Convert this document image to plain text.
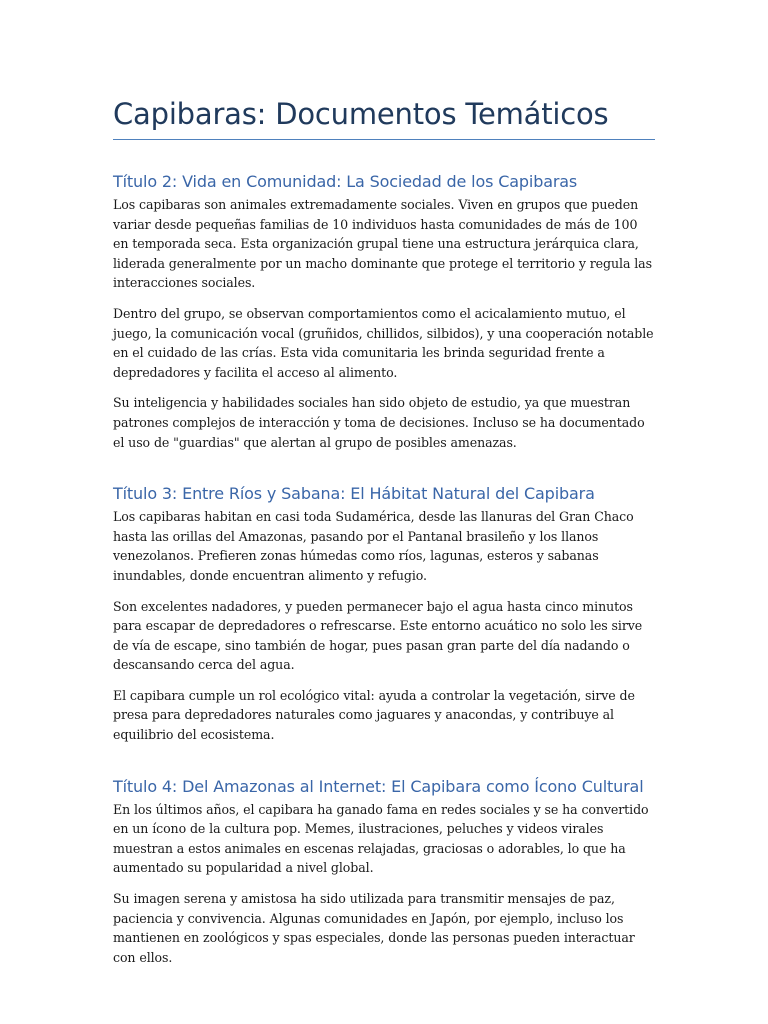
Capibaras: Documentos Temáticos
Título 2: Vida en Comunidad: La Sociedad de los Capibaras

Los capibaras son animales extremadamente sociales. Viven en grupos que pueden variar desde pequeñas familias de 10 individuos hasta comunidades de más de 100 en temporada seca. Esta organización grupal tiene una estructura jerárquica clara, liderada generalmente por un macho dominante que protege el territorio y regula las interacciones sociales.

Dentro del grupo, se observan comportamientos como el acicalamiento mutuo, el juego, la comunicación vocal (gruñidos, chillidos, silbidos), y una cooperación notable en el cuidado de las crías. Esta vida comunitaria les brinda seguridad frente a depredadores y facilita el acceso al alimento.

Su inteligencia y habilidades sociales han sido objeto de estudio, ya que muestran patrones complejos de interacción y toma de decisiones. Incluso se ha documentado el uso de "guardias" que alertan al grupo de posibles amenazas.

Título 3: Entre Ríos y Sabana: El Hábitat Natural del Capibara

Los capibaras habitan en casi toda Sudamérica, desde las llanuras del Gran Chaco hasta las orillas del Amazonas, pasando por el Pantanal brasileño y los llanos venezolanos. Prefieren zonas húmedas como ríos, lagunas, esteros y sabanas inundables, donde encuentran alimento y refugio.

Son excelentes nadadores, y pueden permanecer bajo el agua hasta cinco minutos para escapar de depredadores o refrescarse. Este entorno acuático no solo les sirve de vía de escape, sino también de hogar, pues pasan gran parte del día nadando o descansando cerca del agua.

El capibara cumple un rol ecológico vital: ayuda a controlar la vegetación, sirve de presa para depredadores naturales como jaguares y anacondas, y contribuye al equilibrio del ecosistema.

Título 4: Del Amazonas al Internet: El Capibara como Ícono Cultural

En los últimos años, el capibara ha ganado fama en redes sociales y se ha convertido en un ícono de la cultura pop. Memes, ilustraciones, peluches y videos virales muestran a estos animales en escenas relajadas, graciosas o adorables, lo que ha aumentado su popularidad a nivel global.

Su imagen serena y amistosa ha sido utilizada para transmitir mensajes de paz, paciencia y convivencia. Algunas comunidades en Japón, por ejemplo, incluso los mantienen en zoológicos y spas especiales, donde las personas pueden interactuar con ellos.
